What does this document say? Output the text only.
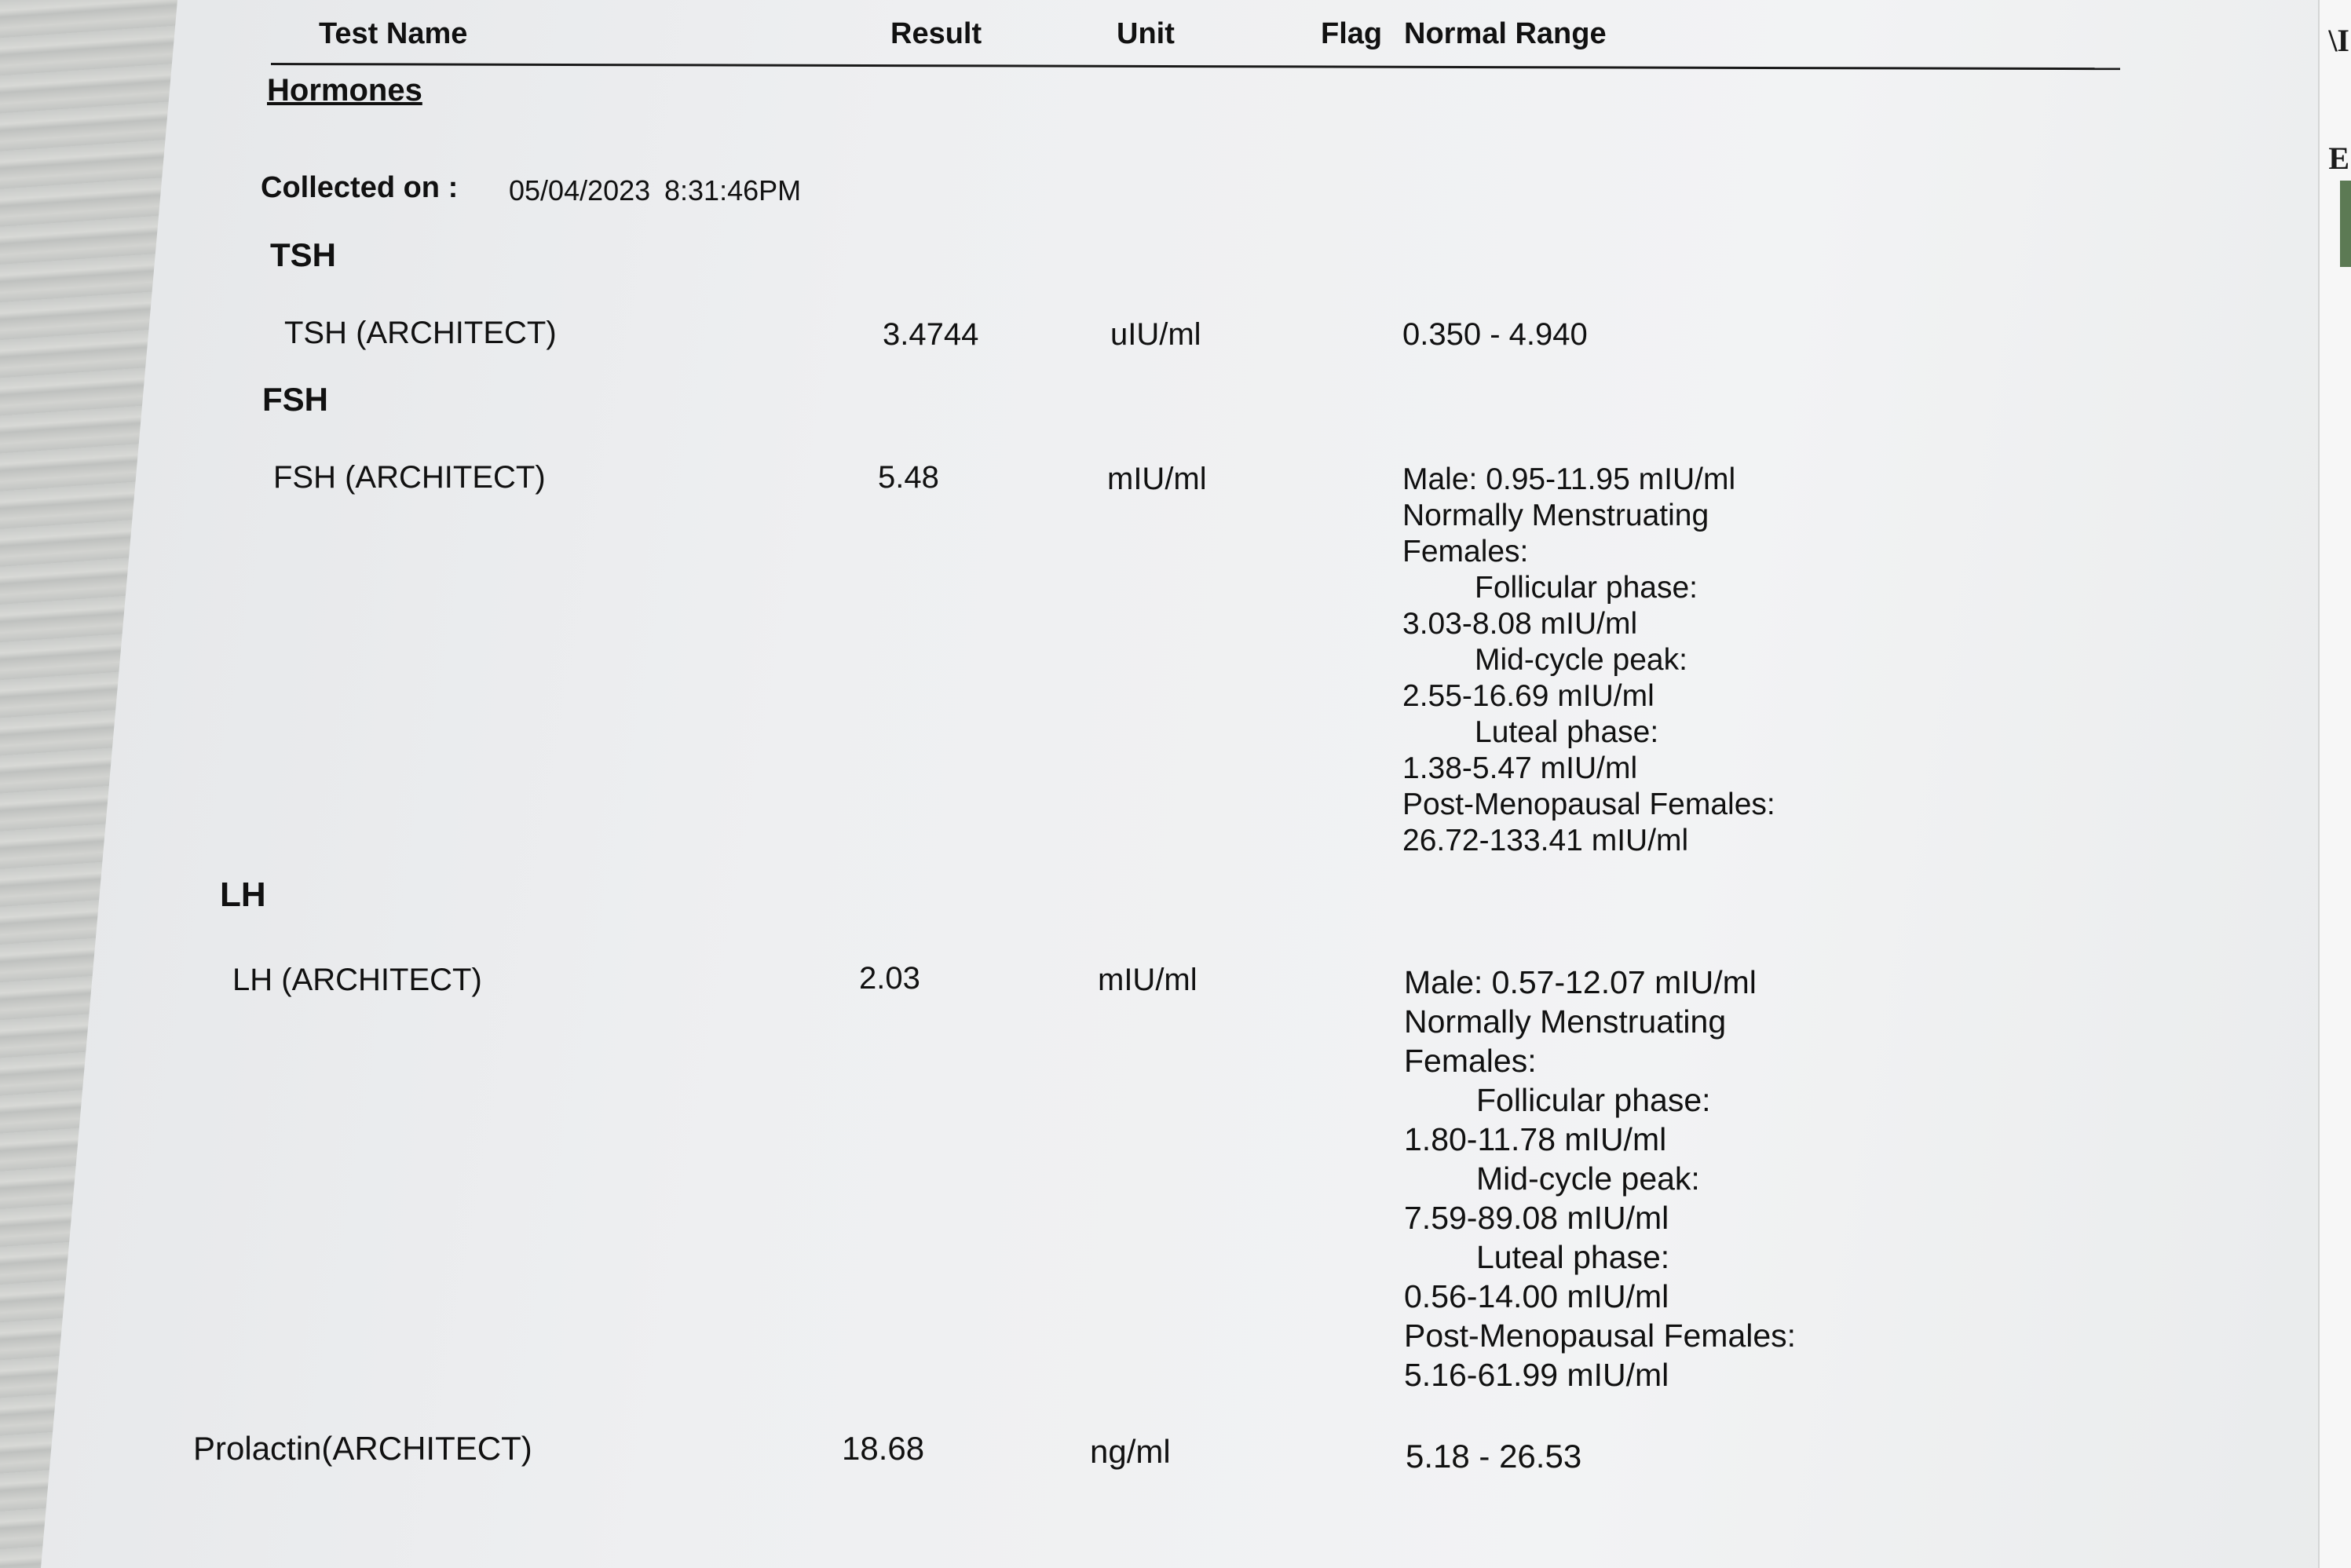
\I
E
Test Name	Result	Unit	Flag Normal Range
Hormones
Collected on : 05/04/2023 8:31:46PM
TSH
TSH (ARCHITECT)	3.4744	uIU/ml	0.350 - 4.940
FSH
FSH (ARCHITECT)	5.48	mIU/ml	Male: 0.95-11.95 mIU/ml
Normally Menstruating
Females:
Follicular phase:
3.03-8.08 mIU/ml
Mid-cycle peak:
2.55-16.69 mIU/ml
Luteal phase:
1.38-5.47 mIU/ml
Post-Menopausal Females:
26.72-133.41 mIU/ml
LH
LH (ARCHITECT)	2.03	mIU/ml	Male: 0.57-12.07 mIU/ml
Normally Menstruating
Females:
Follicular phase:
1.80-11.78 mIU/ml
Mid-cycle peak:
7.59-89.08 mIU/ml
Luteal phase:
0.56-14.00 mIU/ml
Post-Menopausal Females:
5.16-61.99 mIU/ml
Prolactin(ARCHITECT)	18.68	ng/ml	5.18 - 26.53
